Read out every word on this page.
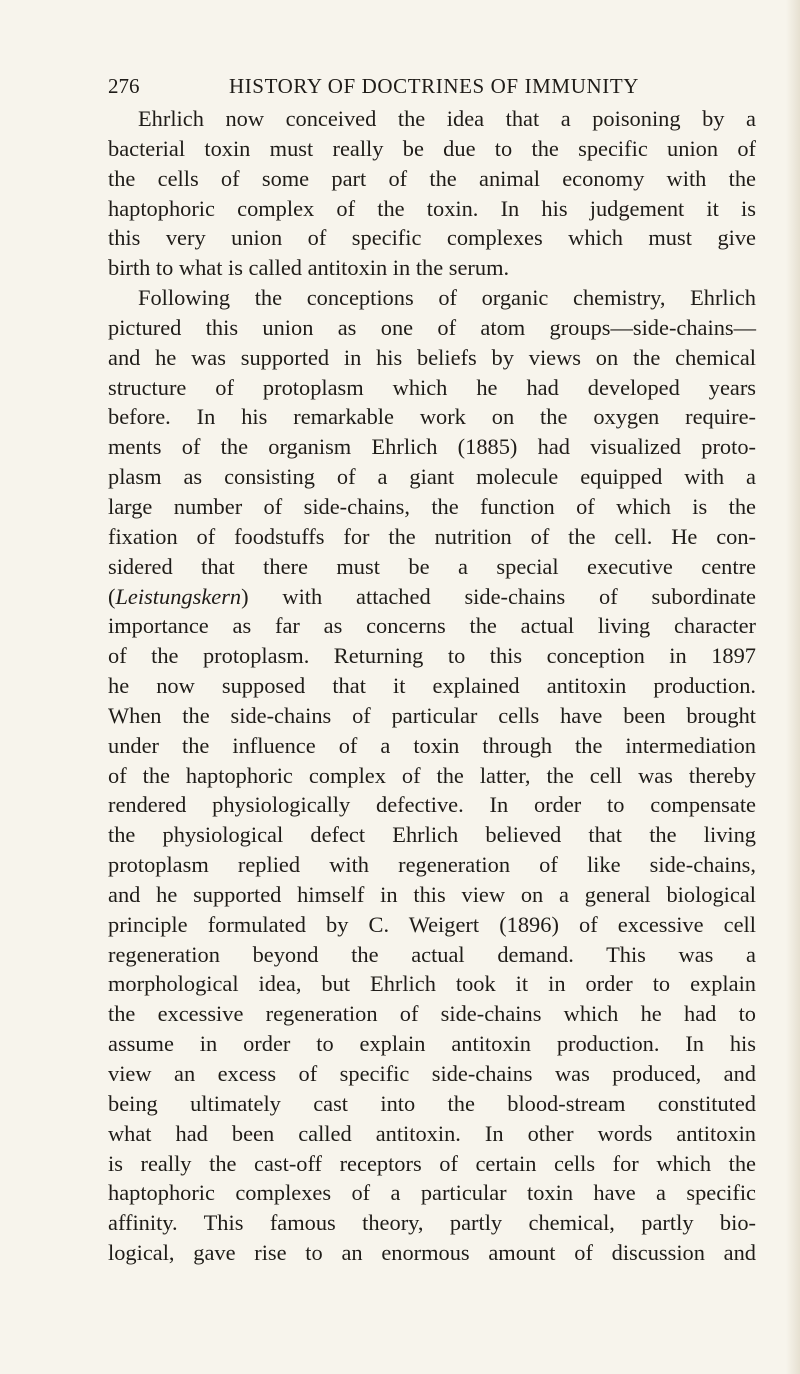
276	HISTORY OF DOCTRINES OF IMMUNITY

Ehrlich now conceived the idea that a poisoning by a
bacterial toxin must really be due to the specific union of
the cells of some part of the animal economy with the
haptophoric complex of the toxin. In his judgement it is
this very union of specific complexes which must give
birth to what is called antitoxin in the serum.

Following the conceptions of organic chemistry, Ehrlich
pictured this union as one of atom groups—side-chains—
and he was supported in his beliefs by views on the chemical
structure of protoplasm which he had developed years
before. In his remarkable work on the oxygen require-
ments of the organism Ehrlich (1885) had visualized proto-
plasm as consisting of a giant molecule equipped with a
large number of side-chains, the function of which is the
fixation of foodstuffs for the nutrition of the cell. He con-
sidered that there must be a special executive centre
(Leistungskern) with attached side-chains of subordinate
importance as far as concerns the actual living character
of the protoplasm. Returning to this conception in 1897
he now supposed that it explained antitoxin production.
When the side-chains of particular cells have been brought
under the influence of a toxin through the intermediation
of the haptophoric complex of the latter, the cell was thereby
rendered physiologically defective. In order to compensate
the physiological defect Ehrlich believed that the living
protoplasm replied with regeneration of like side-chains,
and he supported himself in this view on a general biological
principle formulated by C. Weigert (1896) of excessive cell
regeneration beyond the actual demand. This was a
morphological idea, but Ehrlich took it in order to explain
the excessive regeneration of side-chains which he had to
assume in order to explain antitoxin production. In his
view an excess of specific side-chains was produced, and
being ultimately cast into the blood-stream constituted
what had been called antitoxin. In other words antitoxin
is really the cast-off receptors of certain cells for which the
haptophoric complexes of a particular toxin have a specific
affinity. This famous theory, partly chemical, partly bio-
logical, gave rise to an enormous amount of discussion and
